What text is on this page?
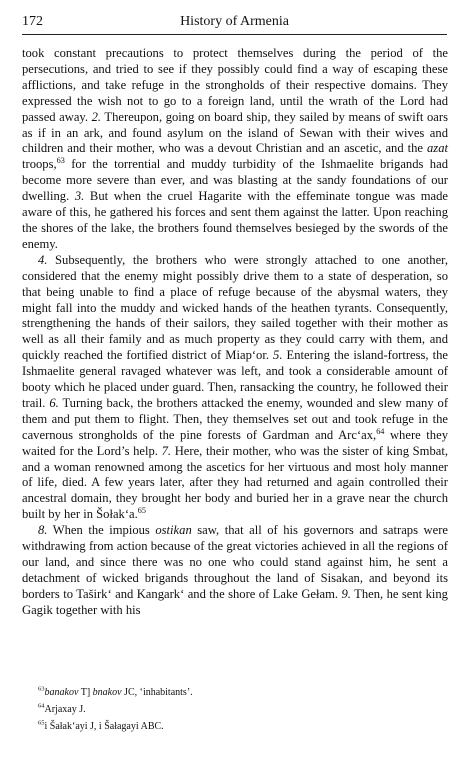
172	History of Armenia

took constant precautions to protect themselves during the period of the persecutions, and tried to see if they possibly could find a way of escaping these afflictions, and take refuge in the strongholds of their respective domains. They expressed the wish not to go to a foreign land, until the wrath of the Lord had passed away. 2. Thereupon, going on board ship, they sailed by means of swift oars as if in an ark, and found asylum on the island of Sewan with their wives and children and their mother, who was a devout Christian and an ascetic, and the azat troops,$^{63}$ for the torrential and muddy turbidity of the Ishmaelite brigands had become more severe than ever, and was blasting at the sandy foundations of our dwelling. 3. But when the cruel Hagarite with the effeminate tongue was made aware of this, he gathered his forces and sent them against the latter. Upon reaching the shores of the lake, the brothers found themselves besieged by the swords of the enemy.

4. Subsequently, the brothers who were strongly attached to one another, considered that the enemy might possibly drive them to a state of desperation, so that being unable to find a place of refuge because of the abysmal waters, they might fall into the muddy and wicked hands of the heathen tyrants. Consequently, strengthening the hands of their sailors, they sailed together with their mother as well as all their family and as much property as they could carry with them, and quickly reached the fortified district of Miapʻor. 5. Entering the island-fortress, the Ishmaelite general ravaged whatever was left, and took a considerable amount of booty which he placed under guard. Then, ransacking the country, he followed their trail. 6. Turning back, the brothers attacked the enemy, wounded and slew many of them and put them to flight. Then, they themselves set out and took refuge in the cavernous strongholds of the pine forests of Gardman and Arcʻax,$^{64}$ where they waited for the Lord’s help. 7. Here, their mother, who was the sister of king Smbat, and a woman renowned among the ascetics for her virtuous and most holy manner of life, died. A few years later, after they had returned and again controlled their ancestral domain, they brought her body and buried her in a grave near the church built by her in Šołakʻa.$^{65}$

8. When the impious ostikan saw, that all of his governors and satraps were withdrawing from action because of the great victories achieved in all the regions of our land, and since there was no one who could stand against him, he sent a detachment of wicked brigands throughout the land of Sisakan, and beyond its borders to Taširkʻ and Kangarkʻ and the shore of Lake Gełam. 9. Then, he sent king Gagik together with his

$^{63}$banakov T] bnakov JC, ‘inhabitants’.

$^{64}$Arjaxay J.

$^{65}$i Šałakʻayi J, i Šałagayi ABC.
